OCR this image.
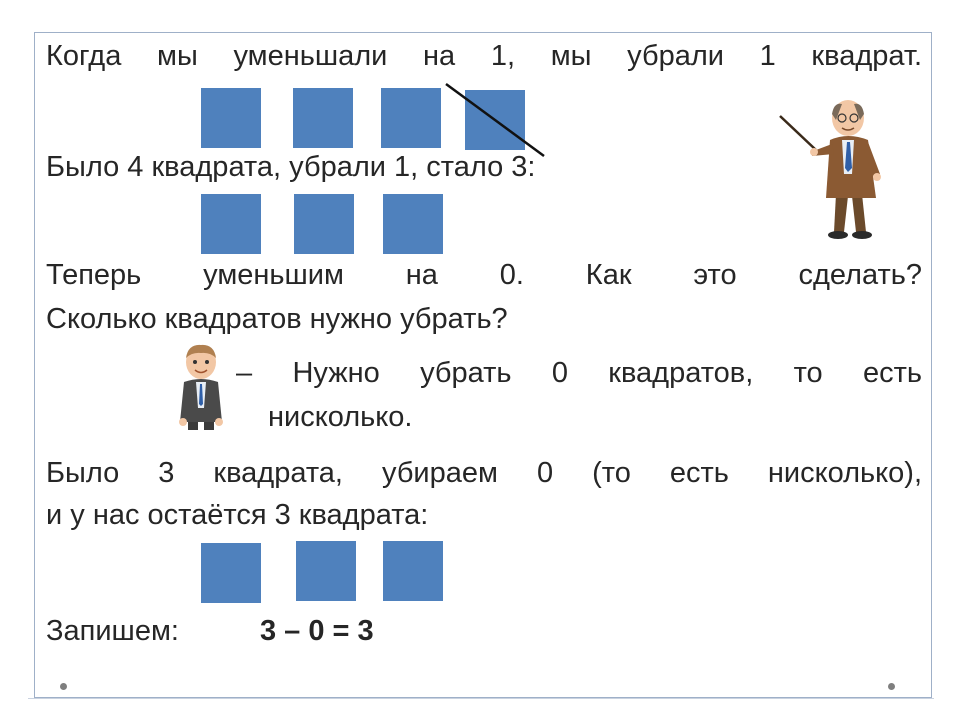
Когда мы уменьшали на 1, мы убрали 1 квадрат.
Было 4 квадрата, убрали 1, стало 3:
Теперь уменьшим на 0. Как это сделать?
Сколько квадратов нужно убрать?
– Нужно убрать 0 квадратов, то есть
нисколько.
Было 3 квадрата, убираем 0 (то есть нисколько),
и у нас остаётся 3 квадрата:
Запишем:	3 – 0 = 3
